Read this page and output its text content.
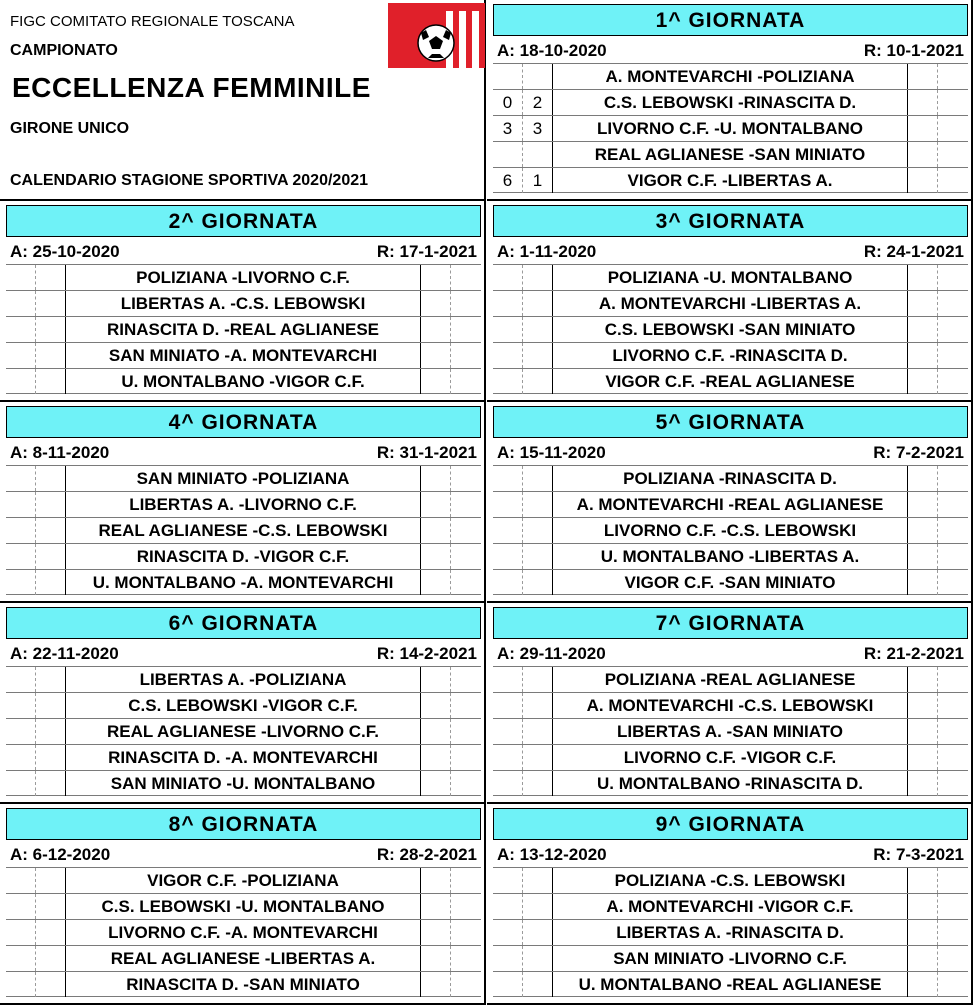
FIGC COMITATO REGIONALE TOSCANA
CAMPIONATO
ECCELLENZA FEMMINILE
GIRONE UNICO
CALENDARIO STAGIONE SPORTIVA 2020/2021
1^ GIORNATA
A: 18-10-2020	R: 10-1-2021
A. MONTEVARCHI -POLIZIANA
0	2	C.S. LEBOWSKI -RINASCITA D.
3	3	LIVORNO C.F. -U. MONTALBANO
REAL AGLIANESE -SAN MINIATO
6	1	VIGOR C.F. -LIBERTAS A.
2^ GIORNATA
A: 25-10-2020	R: 17-1-2021
POLIZIANA -LIVORNO C.F.
LIBERTAS A. -C.S. LEBOWSKI
RINASCITA D. -REAL AGLIANESE
SAN MINIATO -A. MONTEVARCHI
U. MONTALBANO -VIGOR C.F.
3^ GIORNATA
A: 1-11-2020	R: 24-1-2021
POLIZIANA -U. MONTALBANO
A. MONTEVARCHI -LIBERTAS A.
C.S. LEBOWSKI -SAN MINIATO
LIVORNO C.F. -RINASCITA D.
VIGOR C.F. -REAL AGLIANESE
4^ GIORNATA
A: 8-11-2020	R: 31-1-2021
SAN MINIATO -POLIZIANA
LIBERTAS A. -LIVORNO C.F.
REAL AGLIANESE -C.S. LEBOWSKI
RINASCITA D. -VIGOR C.F.
U. MONTALBANO -A. MONTEVARCHI
5^ GIORNATA
A: 15-11-2020	R: 7-2-2021
POLIZIANA -RINASCITA D.
A. MONTEVARCHI -REAL AGLIANESE
LIVORNO C.F. -C.S. LEBOWSKI
U. MONTALBANO -LIBERTAS A.
VIGOR C.F. -SAN MINIATO
6^ GIORNATA
A: 22-11-2020	R: 14-2-2021
LIBERTAS A. -POLIZIANA
C.S. LEBOWSKI -VIGOR C.F.
REAL AGLIANESE -LIVORNO C.F.
RINASCITA D. -A. MONTEVARCHI
SAN MINIATO -U. MONTALBANO
7^ GIORNATA
A: 29-11-2020	R: 21-2-2021
POLIZIANA -REAL AGLIANESE
A. MONTEVARCHI -C.S. LEBOWSKI
LIBERTAS A. -SAN MINIATO
LIVORNO C.F. -VIGOR C.F.
U. MONTALBANO -RINASCITA D.
8^ GIORNATA
A: 6-12-2020	R: 28-2-2021
VIGOR C.F. -POLIZIANA
C.S. LEBOWSKI -U. MONTALBANO
LIVORNO C.F. -A. MONTEVARCHI
REAL AGLIANESE -LIBERTAS A.
RINASCITA D. -SAN MINIATO
9^ GIORNATA
A: 13-12-2020	R: 7-3-2021
POLIZIANA -C.S. LEBOWSKI
A. MONTEVARCHI -VIGOR C.F.
LIBERTAS A. -RINASCITA D.
SAN MINIATO -LIVORNO C.F.
U. MONTALBANO -REAL AGLIANESE
